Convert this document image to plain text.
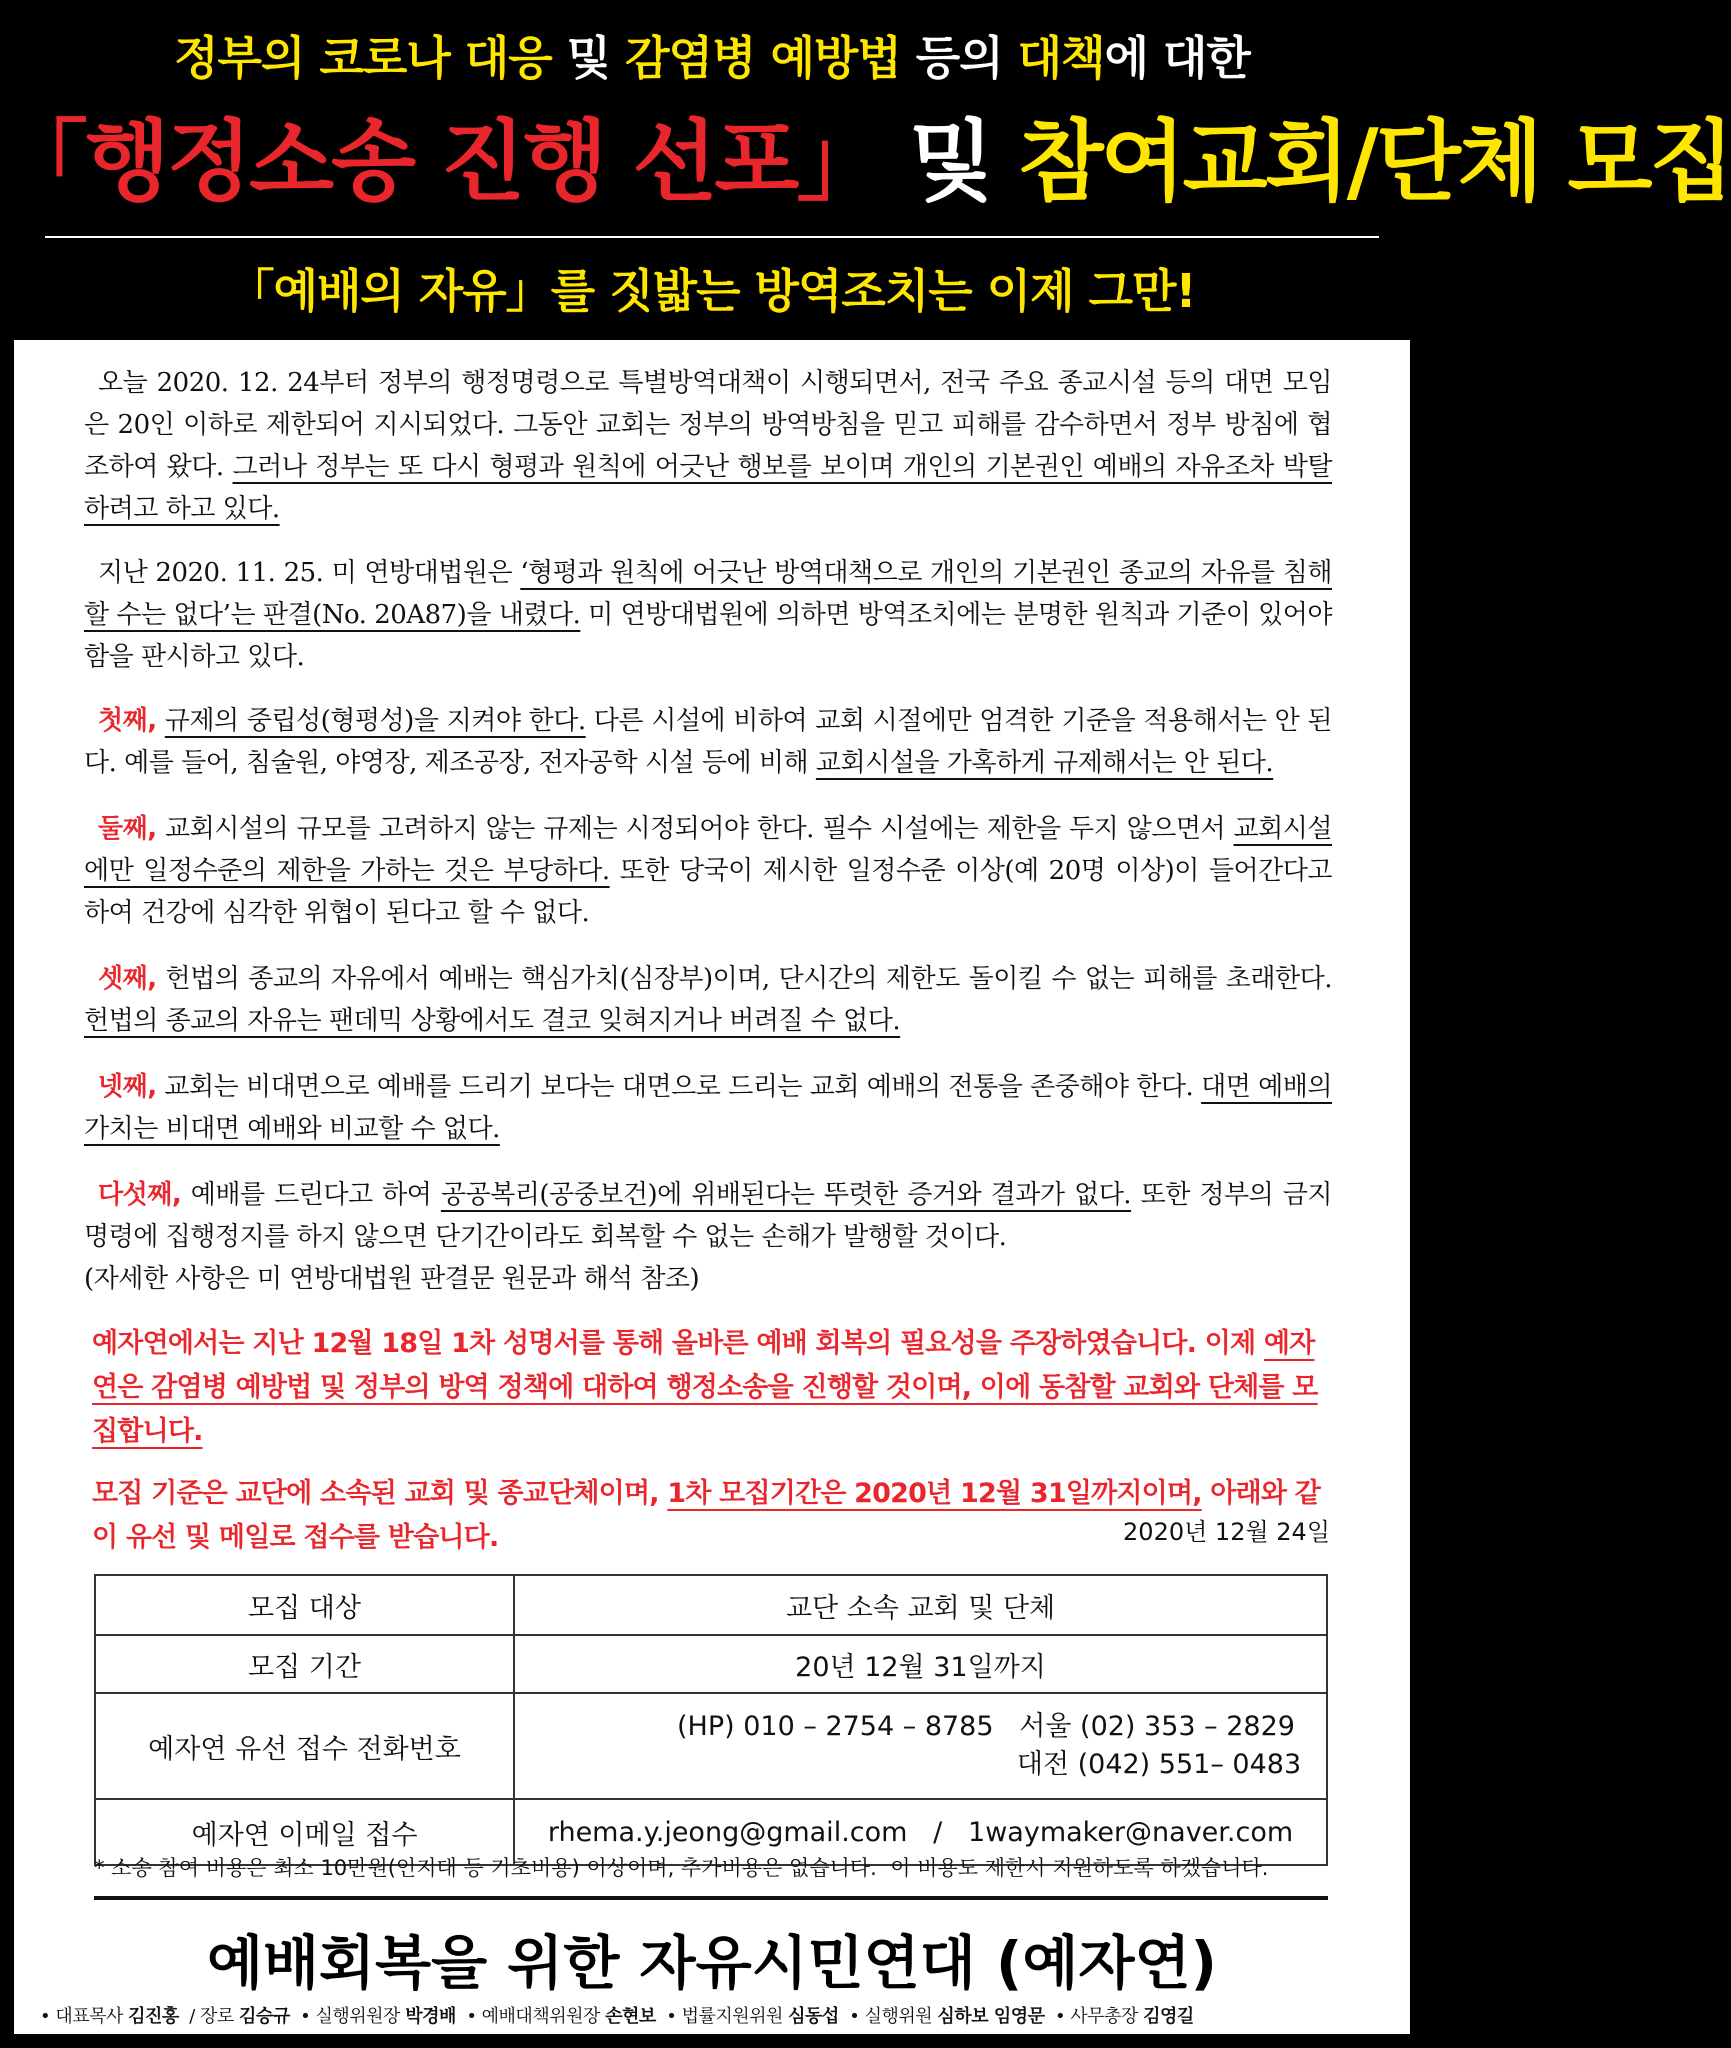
정부의 코로나 대응 및 감염병 예방법 등의 대책에 대한
「행정소송 진행 선포」 및 참여교회/단체 모집
「예배의 자유」를 짓밟는 방역조치는 이제 그만!

오늘 2020. 12. 24부터 정부의 행정명령으로 특별방역대책이 시행되면서, 전국 주요 종교시설 등의 대면 모임은 20인 이하로 제한되어 지시되었다. 그동안 교회는 정부의 방역방침을 믿고 피해를 감수하면서 정부 방침에 협조하여 왔다. 그러나 정부는 또 다시 형평과 원칙에 어긋난 행보를 보이며 개인의 기본권인 예배의 자유조차 박탈하려고 하고 있다.

지난 2020. 11. 25. 미 연방대법원은 ‘형평과 원칙에 어긋난 방역대책으로 개인의 기본권인 종교의 자유를 침해할 수는 없다’는 판결(No. 20A87)을 내렸다. 미 연방대법원에 의하면 방역조치에는 분명한 원칙과 기준이 있어야 함을 판시하고 있다.

첫째, 규제의 중립성(형평성)을 지켜야 한다. 다른 시설에 비하여 교회 시절에만 엄격한 기준을 적용해서는 안 된다. 예를 들어, 침술원, 야영장, 제조공장, 전자공학 시설 등에 비해 교회시설을 가혹하게 규제해서는 안 된다.

둘째, 교회시설의 규모를 고려하지 않는 규제는 시정되어야 한다. 필수 시설에는 제한을 두지 않으면서 교회시설에만 일정수준의 제한을 가하는 것은 부당하다. 또한 당국이 제시한 일정수준 이상(예 20명 이상)이 들어간다고 하여 건강에 심각한 위협이 된다고 할 수 없다.

셋째, 헌법의 종교의 자유에서 예배는 핵심가치(심장부)이며, 단시간의 제한도 돌이킬 수 없는 피해를 초래한다. 헌법의 종교의 자유는 팬데믹 상황에서도 결코 잊혀지거나 버려질 수 없다.

넷째, 교회는 비대면으로 예배를 드리기 보다는 대면으로 드리는 교회 예배의 전통을 존중해야 한다. 대면 예배의 가치는 비대면 예배와 비교할 수 없다.

다섯째, 예배를 드린다고 하여 공공복리(공중보건)에 위배된다는 뚜렷한 증거와 결과가 없다. 또한 정부의 금지명령에 집행정지를 하지 않으면 단기간이라도 회복할 수 없는 손해가 발행할 것이다.
(자세한 사항은 미 연방대법원 판결문 원문과 해석 참조)

예자연에서는 지난 12월 18일 1차 성명서를 통해 올바른 예배 회복의 필요성을 주장하였습니다. 이제 예자연은 감염병 예방법 및 정부의 방역 정책에 대하여 행정소송을 진행할 것이며, 이에 동참할 교회와 단체를 모집합니다.

모집 기준은 교단에 소속된 교회 및 종교단체이며, 1차 모집기간은 2020년 12월 31일까지이며, 아래와 같이 유선 및 메일로 접수를 받습니다.	2020년 12월 24일
모집 대상	교단 소속 교회 및 단체
모집 기간	20년 12월 31일까지
예자연 유선 접수 전화번호	(HP) 010 – 2754 – 8785   서울 (02) 353 – 2829
대전 (042) 551– 0483

예자연 이메일 접수	rhema.y.jeong@gmail.com   /   1waymaker@naver.com
* 소송 참여 비용은 최소 10만원(인지대 등 기초비용) 이상이며, 추가비용은 없습니다.  이 비용도 제한시 지원하도록 하겠습니다.
예배회복을 위한 자유시민연대 (예자연)
• 대표목사 김진홍 / 장로 김승규 • 실행위원장 박경배 • 예배대책위원장 손현보 • 법률지원위원 심동섭 • 실행위원 심하보 임영문 • 사무총장 김영길
